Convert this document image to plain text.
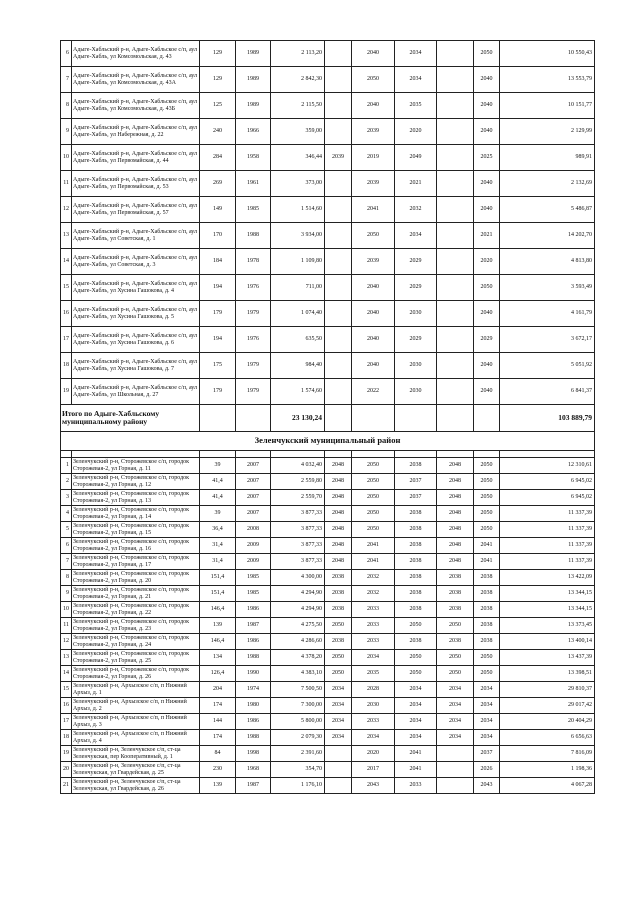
6	Адыге-Хабльский р-н, Адыге-Хабльское с/п, аул Адыге-Хабль, ул Комсомольская, д. 43	129	1989	2 113,20		2040	2034		2050	10 550,43
7	Адыге-Хабльский р-н, Адыге-Хабльское с/п, аул Адыге-Хабль, ул Комсомольская, д. 43А	129	1989	2 842,30		2050	2034		2040	13 553,79
8	Адыге-Хабльский р-н, Адыге-Хабльское с/п, аул Адыге-Хабль, ул Комсомольская, д. 43Б	125	1989	2 115,50		2040	2035		2040	10 151,77
9	Адыге-Хабльский р-н, Адыге-Хабльское с/п, аул Адыге-Хабль, ул Набережная, д. 22	240	1966	359,00		2039	2020		2040	2 129,99
10	Адыге-Хабльский р-н, Адыге-Хабльское с/п, аул Адыге-Хабль, ул Первомайская, д. 44	284	1958	346,44	2039	2019	2049		2025	989,91
11	Адыге-Хабльский р-н, Адыге-Хабльское с/п, аул Адыге-Хабль, ул Первомайская, д. 53	269	1961	373,00		2039	2021		2040	2 132,69
12	Адыге-Хабльский р-н, Адыге-Хабльское с/п, аул Адыге-Хабль, ул Первомайская, д. 57	149	1985	1 514,60		2041	2032		2040	5 486,87
13	Адыге-Хабльский р-н, Адыге-Хабльское с/п, аул Адыге-Хабль, ул Советская, д. 1	170	1988	3 934,00		2050	2034		2021	14 202,70
14	Адыге-Хабльский р-н, Адыге-Хабльское с/п, аул Адыге-Хабль, ул Советская, д. 3	184	1978	1 109,80		2039	2029		2020	4 813,80
15	Адыге-Хабльский р-н, Адыге-Хабльское с/п, аул Адыге-Хабль, ул Хусина Гашокова, д. 4	194	1976	711,00		2040	2029		2050	3 593,49
16	Адыге-Хабльский р-н, Адыге-Хабльское с/п, аул Адыге-Хабль, ул Хусина Гашокова, д. 5	179	1979	1 074,40		2040	2030		2040	4 161,79
17	Адыге-Хабльский р-н, Адыге-Хабльское с/п, аул Адыге-Хабль, ул Хусина Гашокова, д. 6	194	1976	635,50		2040	2029		2029	3 672,17
18	Адыге-Хабльский р-н, Адыге-Хабльское с/п, аул Адыге-Хабль, ул Хусина Гашокова, д. 7	175	1979	984,40		2040	2030		2040	5 051,92
19	Адыге-Хабльский р-н, Адыге-Хабльское с/п, аул Адыге-Хабль, ул Школьная, д. 27	179	1979	1 574,60		2022	2030		2040	6 841,37
Итого по Адыге-Хабльскому муниципальному району				23 130,24						103 889,79
Зеленчукский муниципальный район										

1	Зеленчукский р-н, Сторожевское с/п, городок Сторожевая-2, ул Горная, д. 11	39	2007	4 032,40	2048	2050	2038	2048	2050	12 310,61
2	Зеленчукский р-н, Сторожевское с/п, городок Сторожевая-2, ул Горная, д. 12	41,4	2007	2 559,80	2048	2050	2037	2048	2050	6 945,02
3	Зеленчукский р-н, Сторожевское с/п, городок Сторожевая-2, ул Горная, д. 13	41,4	2007	2 559,70	2048	2050	2037	2048	2050	6 945,02
4	Зеленчукский р-н, Сторожевское с/п, городок Сторожевая-2, ул Горная, д. 14	39	2007	3 877,33	2048	2050	2038	2048	2050	11 337,39
5	Зеленчукский р-н, Сторожевское с/п, городок Сторожевая-2, ул Горная, д. 15	36,4	2008	3 877,33	2048	2050	2038	2048	2050	11 337,39
6	Зеленчукский р-н, Сторожевское с/п, городок Сторожевая-2, ул Горная, д. 16	31,4	2009	3 877,33	2048	2041	2038	2048	2041	11 337,39
7	Зеленчукский р-н, Сторожевское с/п, городок Сторожевая-2, ул Горная, д. 17	31,4	2009	3 877,33	2048	2041	2038	2048	2041	11 337,39
8	Зеленчукский р-н, Сторожевское с/п, городок Сторожевая-2, ул Горная, д. 20	151,4	1985	4 300,00	2038	2032	2038	2038	2038	13 422,09
9	Зеленчукский р-н, Сторожевское с/п, городок Сторожевая-2, ул Горная, д. 21	151,4	1985	4 294,90	2038	2032	2038	2038	2038	13 344,15
10	Зеленчукский р-н, Сторожевское с/п, городок Сторожевая-2, ул Горная, д. 22	146,4	1986	4 294,90	2038	2033	2038	2038	2038	13 344,15
11	Зеленчукский р-н, Сторожевское с/п, городок Сторожевая-2, ул Горная, д. 23	139	1987	4 275,50	2050	2033	2050	2050	2038	13 373,45
12	Зеленчукский р-н, Сторожевское с/п, городок Сторожевая-2, ул Горная, д. 24	146,4	1986	4 286,60	2038	2033	2038	2038	2038	13 400,14
13	Зеленчукский р-н, Сторожевское с/п, городок Сторожевая-2, ул Горная, д. 25	134	1988	4 378,20	2050	2034	2050	2050	2050	13 437,39
14	Зеленчукский р-н, Сторожевское с/п, городок Сторожевая-2, ул Горная, д. 26	126,4	1990	4 383,10	2050	2035	2050	2050	2050	13 398,51
15	Зеленчукский р-н, Архызское с/п, п Нижний Архыз, д. 1	204	1974	7 500,50	2034	2028	2034	2034	2034	29 810,37
16	Зеленчукский р-н, Архызское с/п, п Нижний Архыз, д. 2	174	1980	7 300,00	2034	2030	2034	2034	2034	29 017,42
17	Зеленчукский р-н, Архызское с/п, п Нижний Архыз, д. 3	144	1986	5 800,00	2034	2033	2034	2034	2034	20 404,29
18	Зеленчукский р-н, Архызское с/п, п Нижний Архыз, д. 4	174	1988	2 079,30	2034	2034	2034	2034	2034	6 656,63
19	Зеленчукский р-н, Зеленчукское с/п, ст-ца Зеленчукская, пер Кооперативный, д. 1	84	1998	2 391,60		2020	2041		2037	7 816,09
20	Зеленчукский р-н, Зеленчукское с/п, ст-ца Зеленчукская, ул Гвардейская, д. 25	230	1968	354,70		2017	2041		2026	1 198,36
21	Зеленчукский р-н, Зеленчукское с/п, ст-ца Зеленчукская, ул Гвардейская, д. 26	139	1987	1 176,10		2043	2033		2043	4 067,28
